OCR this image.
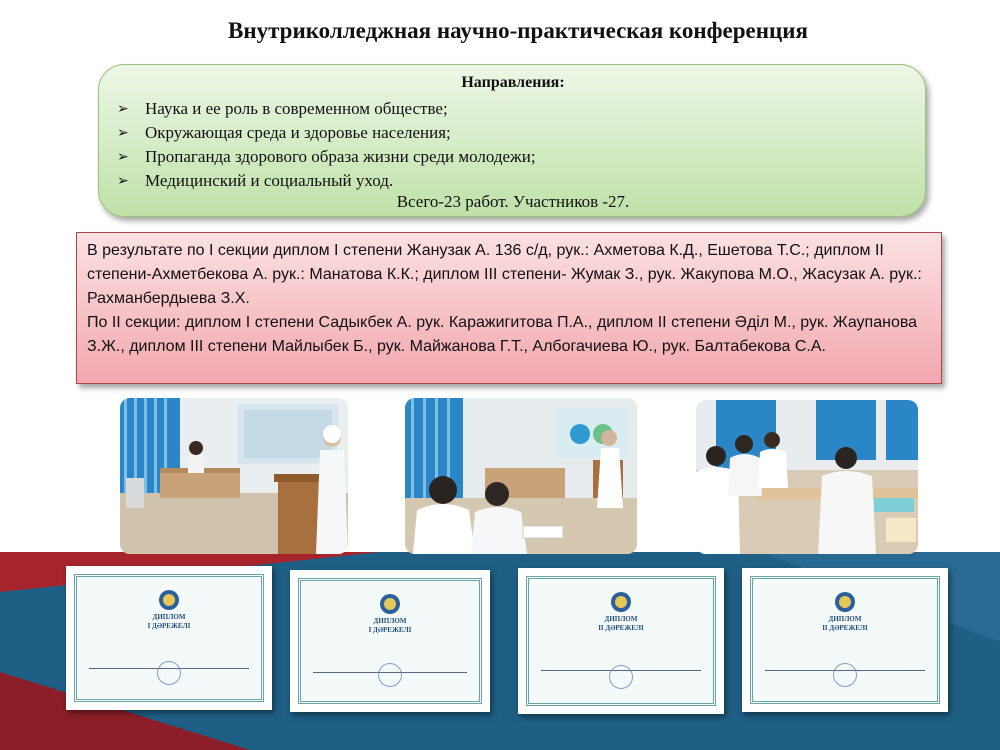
Внутриколледжная научно-практическая конференция
Направления:
➢ Наука и ее роль в современном обществе;
➢ Окружающая среда и здоровье населения;
➢ Пропаганда здорового образа жизни среди молодежи;
➢ Медицинский и социальный уход.
Всего-23 работ. Участников -27.

В результате по I секции диплом I степени Жанузак А. 136 с/д, рук.: Ахметова К.Д., Ешетова Т.С.; диплом II степени-Ахметбекова А. рук.: Манатова К.К.; диплом III степени- Жумак З., рук. Жакупова М.О., Жасузак А. рук.: Рахманбердыева З.Х.

По II секции: диплом I степени Садыкбек А. рук. Каражигитова П.А., диплом II степени Әділ М., рук. Жаупанова З.Ж., диплом III степени Майлыбек Б., рук. Майжанова Г.Т., Албогачиева Ю., рук. Балтабекова С.А.

ДИПЛОМ
I ДӘРЕЖЕЛІ
ДИПЛОМ
I ДӘРЕЖЕЛІ
ДИПЛОМ
II ДӘРЕЖЕЛІ
ДИПЛОМ
II ДӘРЕЖЕЛІ
